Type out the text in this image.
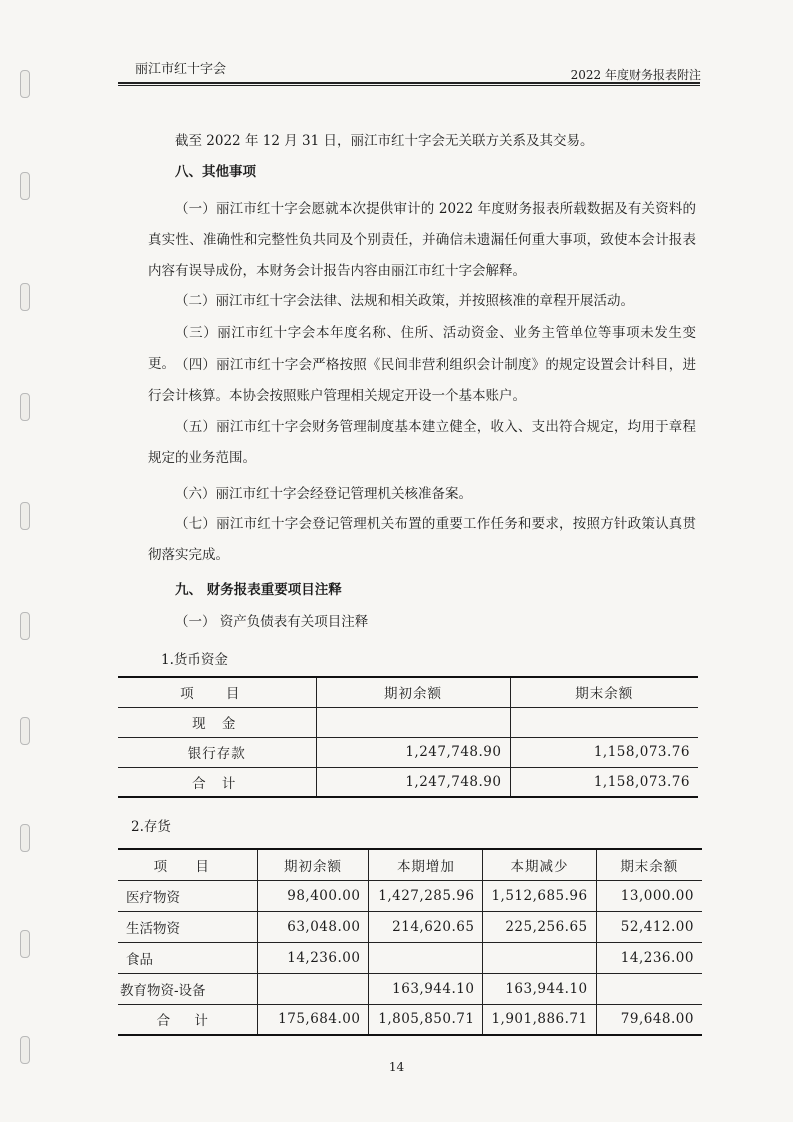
丽江市红十字会	2022 年度财务报表附注

截至 2022 年 12 月 31 日，丽江市红十字会无关联方关系及其交易。

八、其他事项

（一）丽江市红十字会愿就本次提供审计的 2022 年度财务报表所载数据及有关资料的真实性、准确性和完整性负共同及个别责任，并确信未遗漏任何重大事项，致使本会计报表内容有误导成份，本财务会计报告内容由丽江市红十字会解释。

（二）丽江市红十字会法律、法规和相关政策，并按照核准的章程开展活动。

（三）丽江市红十字会本年度名称、住所、活动资金、业务主管单位等事项未发生变更。 （四）丽江市红十字会严格按照《民间非营利组织会计制度》的规定设置会计科目，进行会计核算。本协会按照账户管理相关规定开设一个基本账户。

（五）丽江市红十字会财务管理制度基本建立健全，收入、支出符合规定，均用于章程规定的业务范围。

（六）丽江市红十字会经登记管理机关核准备案。

（七）丽江市红十字会登记管理机关布置的重要工作任务和要求，按照方针政策认真贯彻落实完成。

九、 财务报表重要项目注释

（一） 资产负债表有关项目注释

1.货币资金
项 目	期初余额	期末余额
现 金		
银行存款	1,247,748.90	1,158,073.76
合 计	1,247,748.90	1,158,073.76
2.存货
项 目	期初余额	本期增加	本期减少	期末余额
医疗物资	98,400.00	1,427,285.96	1,512,685.96	13,000.00
生活物资	63,048.00	214,620.65	225,256.65	52,412.00
食品	14,236.00			14,236.00
教育物资-设备		163,944.10	163,944.10	
合 计	175,684.00	1,805,850.71	1,901,886.71	79,648.00
14
